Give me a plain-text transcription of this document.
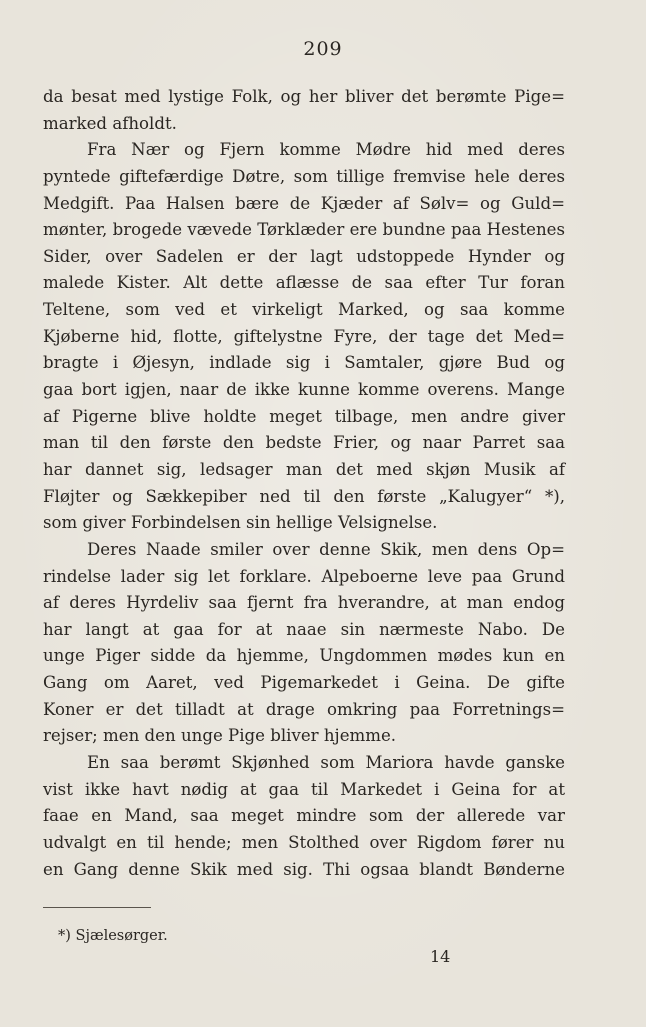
209
da besat med lystige Folk, og her bliver det berømte Pige=
marked afholdt.
Fra Nær og Fjern komme Mødre hid med deres
pyntede giftefærdige Døtre, som tillige fremvise hele deres
Medgift. Paa Halsen bære de Kjæder af Sølv= og Guld=
mønter, brogede vævede Tørklæder ere bundne paa Hestenes
Sider, over Sadelen er der lagt udstoppede Hynder og
malede Kister. Alt dette aflæsse de saa efter Tur foran
Teltene, som ved et virkeligt Marked, og saa komme
Kjøberne hid, flotte, giftelystne Fyre, der tage det Med=
bragte i Øjesyn, indlade sig i Samtaler, gjøre Bud og
gaa bort igjen, naar de ikke kunne komme overens. Mange
af Pigerne blive holdte meget tilbage, men andre giver
man til den første den bedste Frier, og naar Parret saa
har dannet sig, ledsager man det med skjøn Musik af
Fløjter og Sækkepiber ned til den første „Kalugyer“ *),
som giver Forbindelsen sin hellige Velsignelse.
Deres Naade smiler over denne Skik, men dens Op=
rindelse lader sig let forklare. Alpeboerne leve paa Grund
af deres Hyrdeliv saa fjernt fra hverandre, at man endog
har langt at gaa for at naae sin nærmeste Nabo. De
unge Piger sidde da hjemme, Ungdommen mødes kun en
Gang om Aaret, ved Pigemarkedet i Geina. De gifte
Koner er det tilladt at drage omkring paa Forretnings=
rejser; men den unge Pige bliver hjemme.
En saa berømt Skjønhed som Mariora havde ganske
vist ikke havt nødig at gaa til Markedet i Geina for at
faae en Mand, saa meget mindre som der allerede var
udvalgt en til hende; men Stolthed over Rigdom fører nu
en Gang denne Skik med sig. Thi ogsaa blandt Bønderne
*) Sjælesørger.
14
